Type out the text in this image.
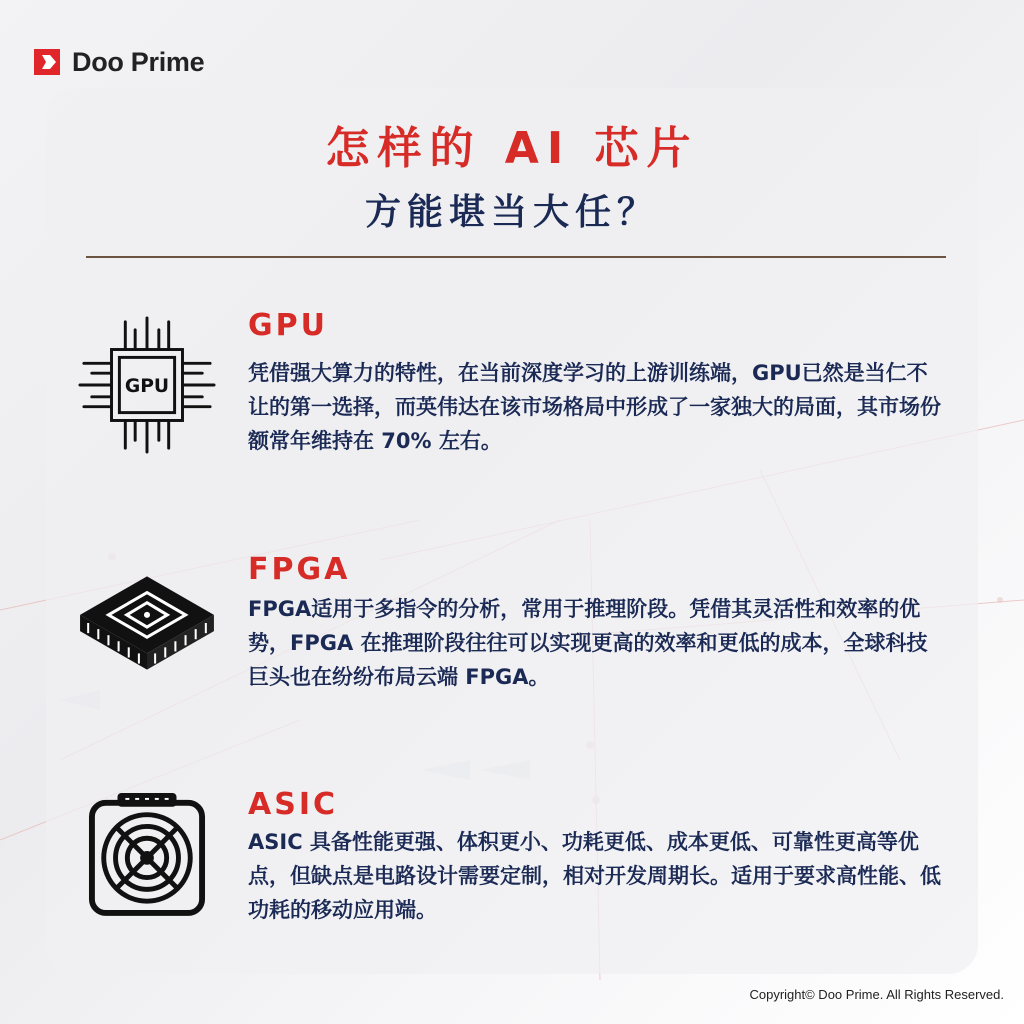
Doo Prime
怎样的 AI 芯片
方能堪当大任？
GPU
GPU
凭借强大算力的特性，在当前深度学习的上游训练端，GPU已然是当仁不让的第一选择，而英伟达在该市场格局中形成了一家独大的局面，其市场份额常年维持在 70% 左右。
FPGA
FPGA适用于多指令的分析，常用于推理阶段。凭借其灵活性和效率的优势，FPGA 在推理阶段往往可以实现更高的效率和更低的成本，全球科技巨头也在纷纷布局云端 FPGA。
ASIC
ASIC 具备性能更强、体积更小、功耗更低、成本更低、可靠性更高等优点，但缺点是电路设计需要定制，相对开发周期长。适用于要求高性能、低功耗的移动应用端。
Copyright© Doo Prime. All Rights Reserved.
